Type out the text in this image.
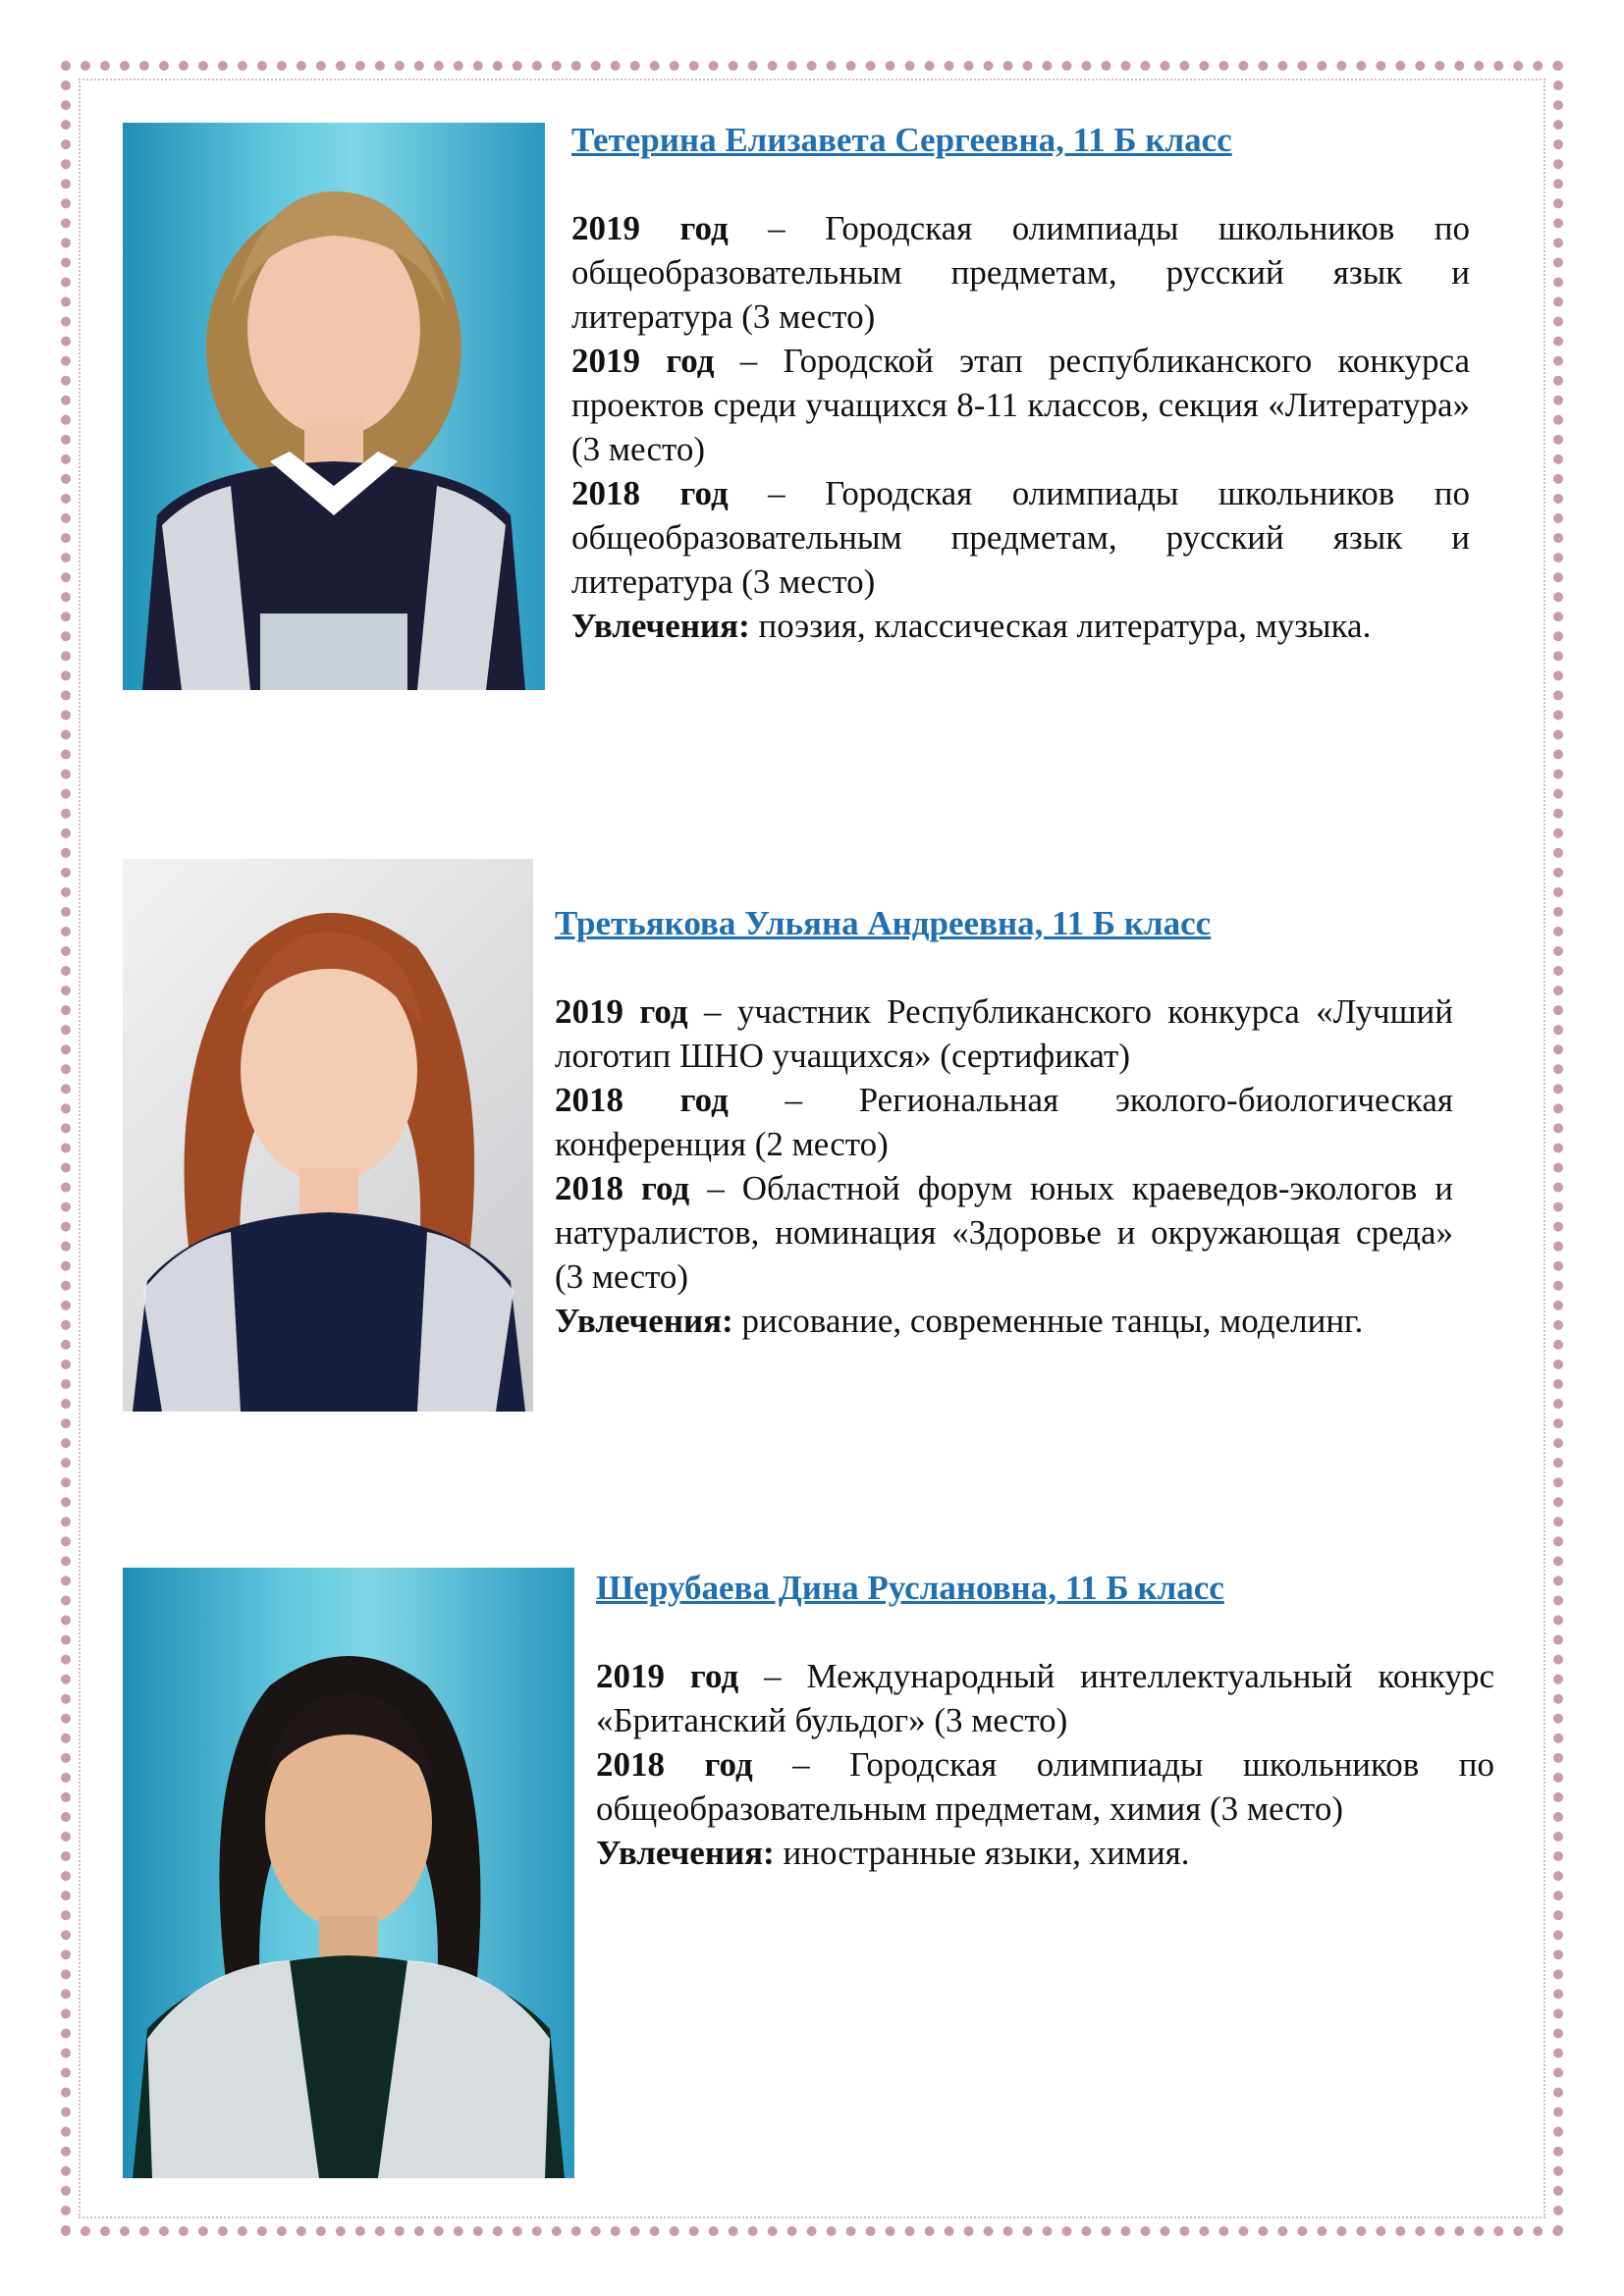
Тетерина Елизавета Сергеевна, 11 Б класс

2019 год – Городская олимпиады школьников по общеобразовательным предметам, русский язык и литература (3 место)

2019 год – Городской этап республиканского конкурса проектов среди учащихся 8-11 классов, секция «Литература» (3 место)

2018 год – Городская олимпиады школьников по общеобразовательным предметам, русский язык и литература (3 место)

Увлечения: поэзия, классическая литература, музыка.

Третьякова Ульяна Андреевна, 11 Б класс

2019 год – участник Республиканского конкурса «Лучший логотип ШНО учащихся» (сертификат)

2018 год – Региональная эколого-биологическая конференция (2 место)

2018 год – Областной форум юных краеведов-экологов и натуралистов, номинация «Здоровье и окружающая среда» (3 место)

Увлечения: рисование, современные танцы, моделинг.

Шерубаева Дина Руслановна, 11 Б класс

2019 год – Международный интеллектуальный конкурс «Британский бульдог» (3 место)

2018 год – Городская олимпиады школьников по общеобразовательным предметам, химия (3 место)

Увлечения: иностранные языки, химия.
